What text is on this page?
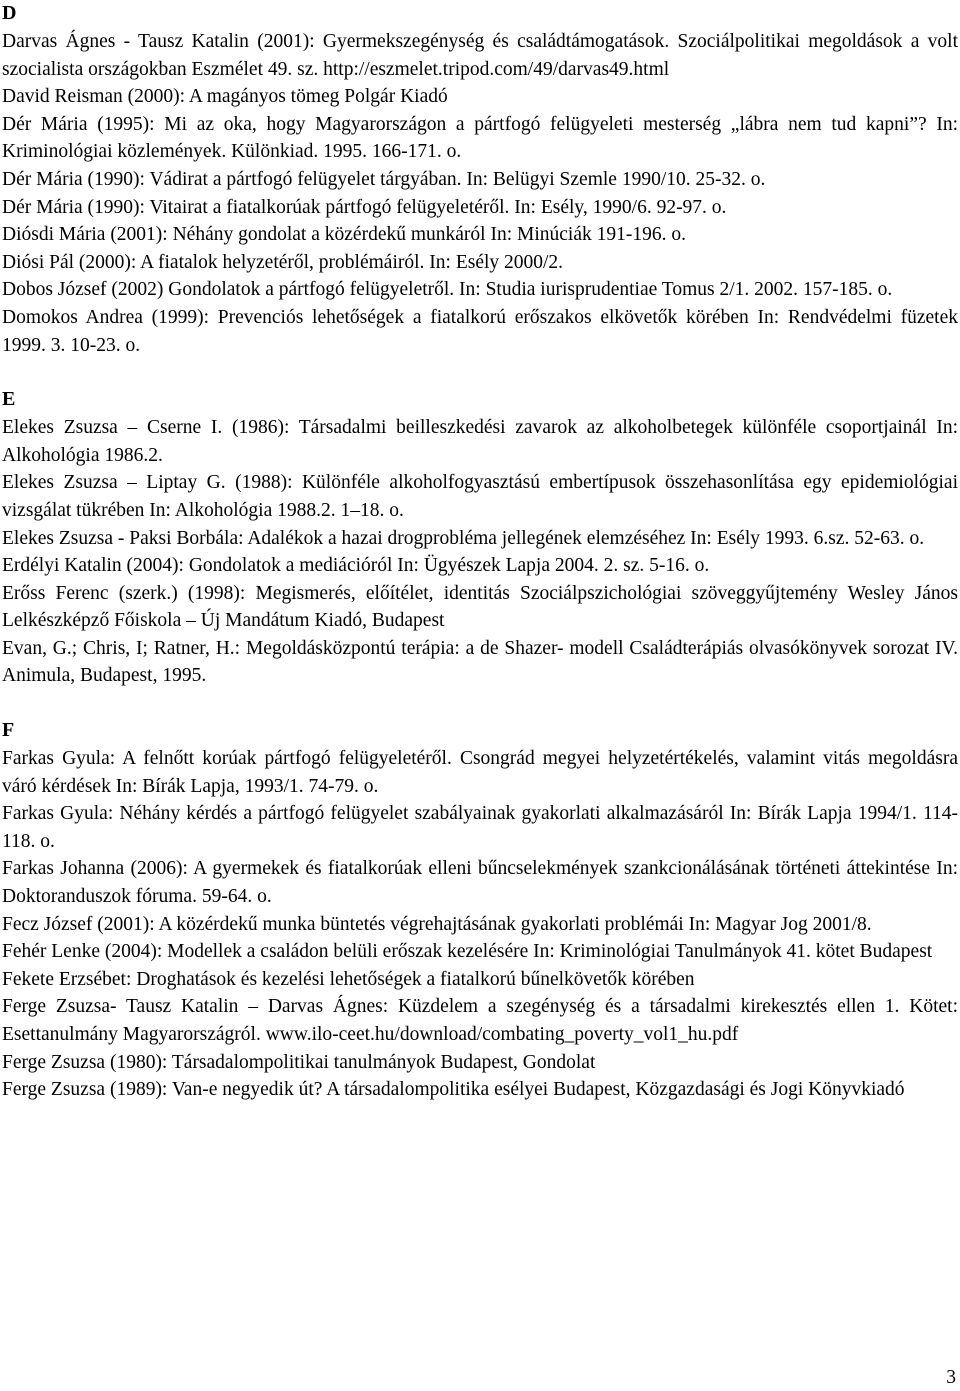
D

Darvas Ágnes - Tausz Katalin (2001): Gyermekszegénység és családtámogatások. Szociálpolitikai megoldások a volt szocialista országokban Eszmélet 49. sz. http://eszmelet.tripod.com/49/darvas49.html

David Reisman (2000): A magányos tömeg Polgár Kiadó

Dér Mária (1995): Mi az oka, hogy Magyarországon a pártfogó felügyeleti mesterség „lábra nem tud kapni”? In: Kriminológiai közlemények. Különkiad. 1995. 166-171. o.

Dér Mária (1990): Vádirat a pártfogó felügyelet tárgyában. In: Belügyi Szemle 1990/10. 25-32. o.

Dér Mária (1990): Vitairat a fiatalkorúak pártfogó felügyeletéről. In: Esély, 1990/6. 92-97. o.

Diósdi Mária (2001): Néhány gondolat a közérdekű munkáról In: Minúciák 191-196. o.

Diósi Pál (2000): A fiatalok helyzetéről, problémáiról. In: Esély 2000/2.

Dobos József (2002) Gondolatok a pártfogó felügyeletről. In: Studia iurisprudentiae Tomus 2/1. 2002. 157-185. o.

Domokos Andrea (1999): Prevenciós lehetőségek a fiatalkorú erőszakos elkövetők körében In: Rendvédelmi füzetek 1999. 3. 10-23. o.

E

Elekes Zsuzsa – Cserne I. (1986): Társadalmi beilleszkedési zavarok az alkoholbetegek különféle csoportjainál In: Alkohológia 1986.2.

Elekes Zsuzsa – Liptay G. (1988): Különféle alkoholfogyasztású embertípusok összehasonlítása egy epidemiológiai vizsgálat tükrében In: Alkohológia 1988.2. 1–18. o.

Elekes Zsuzsa - Paksi Borbála: Adalékok a hazai drogprobléma jellegének elemzéséhez In: Esély 1993. 6.sz. 52-63. o.

Erdélyi Katalin (2004): Gondolatok a mediációról In: Ügyészek Lapja 2004. 2. sz. 5-16. o.

Erőss Ferenc (szerk.) (1998): Megismerés, előítélet, identitás Szociálpszichológiai szöveggyűjtemény Wesley János Lelkészképző Főiskola – Új Mandátum Kiadó, Budapest

Evan, G.; Chris, I; Ratner, H.: Megoldásközpontú terápia: a de Shazer- modell Családterápiás olvasókönyvek sorozat IV. Animula, Budapest, 1995.

F

Farkas Gyula: A felnőtt korúak pártfogó felügyeletéről. Csongrád megyei helyzetértékelés, valamint vitás megoldásra váró kérdések In: Bírák Lapja, 1993/1. 74-79. o.

Farkas Gyula: Néhány kérdés a pártfogó felügyelet szabályainak gyakorlati alkalmazásáról In: Bírák Lapja 1994/1. 114-118. o.

Farkas Johanna (2006): A gyermekek és fiatalkorúak elleni bűncselekmények szankcionálásának történeti áttekintése In: Doktoranduszok fóruma. 59-64. o.

Fecz József (2001): A közérdekű munka büntetés végrehajtásának gyakorlati problémái In: Magyar Jog 2001/8.

Fehér Lenke (2004): Modellek a családon belüli erőszak kezelésére In: Kriminológiai Tanulmányok 41. kötet Budapest

Fekete Erzsébet: Droghatások és kezelési lehetőségek a fiatalkorú bűnelkövetők körében

Ferge Zsuzsa- Tausz Katalin – Darvas Ágnes: Küzdelem a szegénység és a társadalmi kirekesztés ellen 1. Kötet: Esettanulmány Magyarországról. www.ilo-ceet.hu/download/combating_poverty_vol1_hu.pdf

Ferge Zsuzsa (1980): Társadalompolitikai tanulmányok Budapest, Gondolat

Ferge Zsuzsa (1989): Van-e negyedik út? A társadalompolitika esélyei Budapest, Közgazdasági és Jogi Könyvkiadó

3
